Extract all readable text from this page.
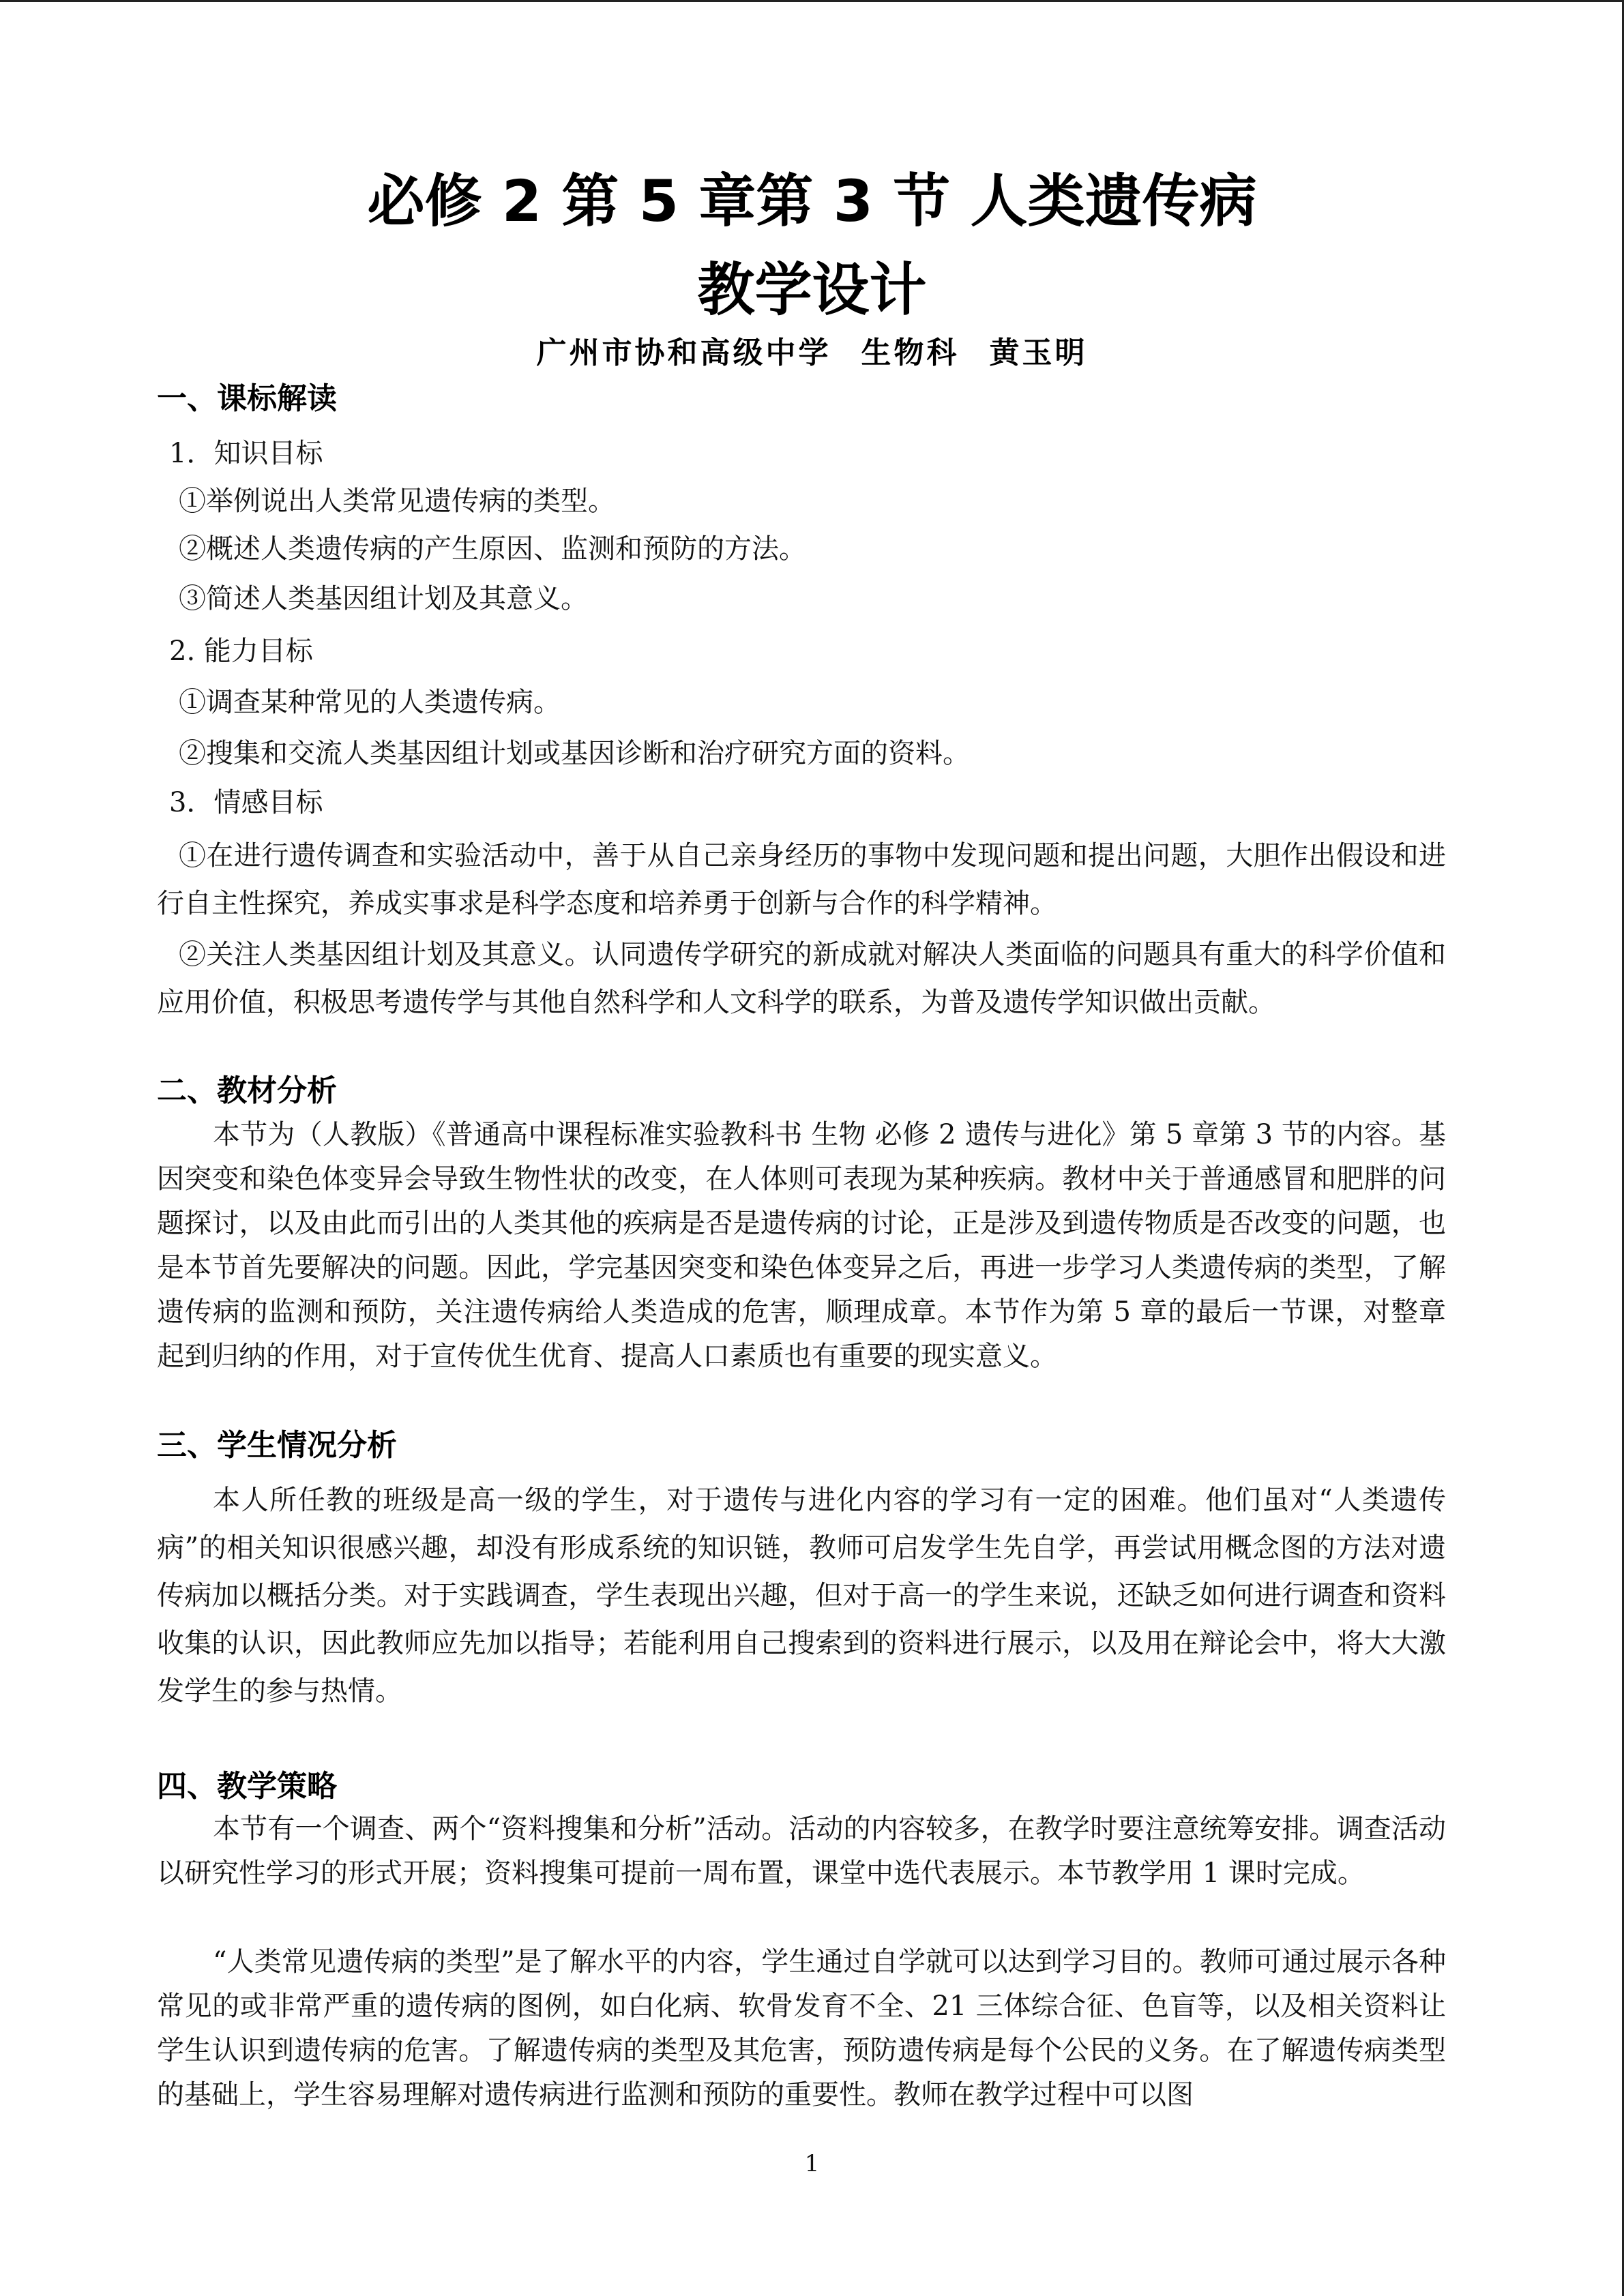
必修 2 第 5 章第 3 节 人类遗传病
教学设计
广州市协和高级中学 生物科 黄玉明
一、课标解读
1．知识目标
①举例说出人类常见遗传病的类型。
②概述人类遗传病的产生原因、监测和预防的方法。
③简述人类基因组计划及其意义。
2. 能力目标
①调查某种常见的人类遗传病。
②搜集和交流人类基因组计划或基因诊断和治疗研究方面的资料。
3．情感目标

①在进行遗传调查和实验活动中，善于从自己亲身经历的事物中发现问题和提出问题，大胆作出假设和进行自主性探究，养成实事求是科学态度和培养勇于创新与合作的科学精神。

②关注人类基因组计划及其意义。认同遗传学研究的新成就对解决人类面临的问题具有重大的科学价值和应用价值，积极思考遗传学与其他自然科学和人文科学的联系，为普及遗传学知识做出贡献。

二、教材分析

本节为（人教版）《普通高中课程标准实验教科书 生物 必修 2 遗传与进化》第 5 章第 3 节的内容。基因突变和染色体变异会导致生物性状的改变，在人体则可表现为某种疾病。教材中关于普通感冒和肥胖的问题探讨，以及由此而引出的人类其他的疾病是否是遗传病的讨论，正是涉及到遗传物质是否改变的问题，也是本节首先要解决的问题。因此，学完基因突变和染色体变异之后，再进一步学习人类遗传病的类型，了解遗传病的监测和预防，关注遗传病给人类造成的危害，顺理成章。本节作为第 5 章的最后一节课，对整章起到归纳的作用，对于宣传优生优育、提高人口素质也有重要的现实意义。

三、学生情况分析

本人所任教的班级是高一级的学生，对于遗传与进化内容的学习有一定的困难。他们虽对“人类遗传病”的相关知识很感兴趣，却没有形成系统的知识链，教师可启发学生先自学，再尝试用概念图的方法对遗传病加以概括分类。对于实践调查，学生表现出兴趣，但对于高一的学生来说，还缺乏如何进行调查和资料收集的认识，因此教师应先加以指导；若能利用自己搜索到的资料进行展示，以及用在辩论会中，将大大激发学生的参与热情。

四、教学策略

本节有一个调查、两个“资料搜集和分析”活动。活动的内容较多，在教学时要注意统筹安排。调查活动以研究性学习的形式开展；资料搜集可提前一周布置，课堂中选代表展示。本节教学用 1 课时完成。

“人类常见遗传病的类型”是了解水平的内容，学生通过自学就可以达到学习目的。教师可通过展示各种常见的或非常严重的遗传病的图例，如白化病、软骨发育不全、21 三体综合征、色盲等，以及相关资料让学生认识到遗传病的危害。了解遗传病的类型及其危害，预防遗传病是每个公民的义务。在了解遗传病类型的基础上，学生容易理解对遗传病进行监测和预防的重要性。教师在教学过程中可以图

1
